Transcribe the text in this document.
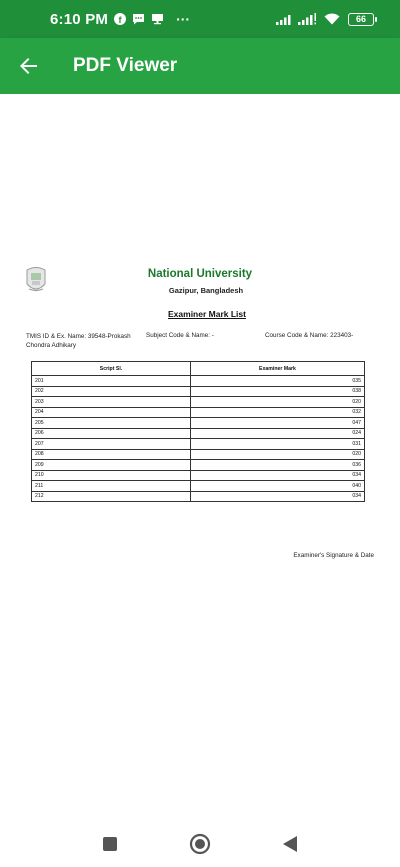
6:10 PM f	···	66
PDF Viewer
National University
Gazipur, Bangladesh
Examiner Mark List
TMIS ID & Ex. Name: 39548-Prokash Chondra Adhikary
Subject Code & Name: -	Course Code & Name: 223403-
Script Sl.	Examiner Mark
201	035
202	038
203	020
204	032
205	047
206	024
207	031
208	020
209	036
210	034
211	040
212	034
Examiner's Signature & Date
